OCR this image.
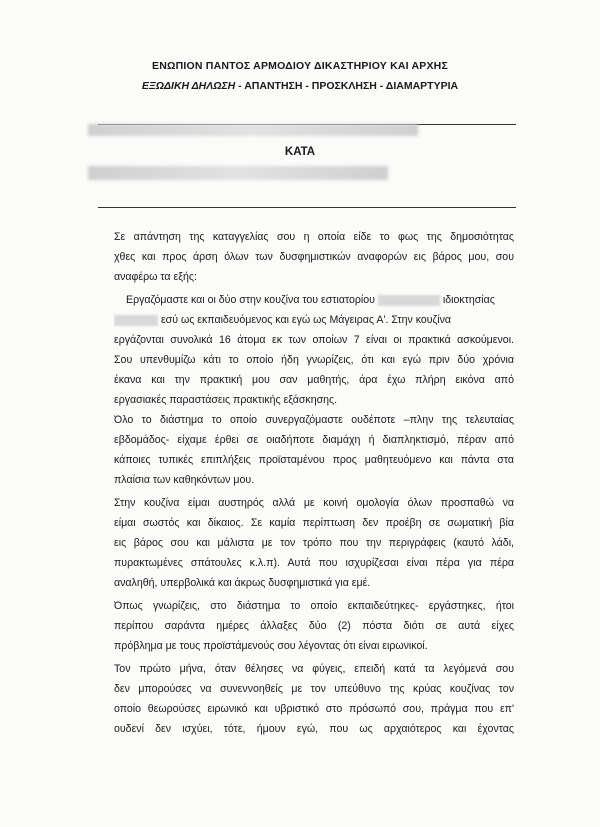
ΕΝΩΠΙΟΝ ΠΑΝΤΟΣ ΑΡΜΟΔΙΟΥ ΔΙΚΑΣΤΗΡΙΟΥ ΚΑΙ ΑΡΧΗΣ
ΕΞΩΔΙΚΗ ΔΗΛΩΣΗ - ΑΠΑΝΤΗΣΗ - ΠΡΟΣΚΛΗΣΗ - ΔΙΑΜΑΡΤΥΡΙΑ
ΚΑΤΑ
Σε απάντηση της καταγγελίας σου η οποία είδε το φως της δημοσιότητας
χθες και προς άρση όλων των δυσφημιστικών αναφορών εις βάρος μου, σου
αναφέρω τα εξής:
Εργαζόμαστε και οι δύο στην κουζίνα του εστιατορίου	ιδιοκτησίας
εσύ ως εκπαιδευόμενος και εγώ ως Μάγειρας Α'. Στην κουζίνα
εργάζονται συνολικά 16 άτομα εκ των οποίων 7 είναι οι πρακτικά ασκούμενοι.
Σου υπενθυμίζω κάτι το οποίο ήδη γνωρίζεις, ότι και εγώ πριν δύο χρόνια
έκανα και την πρακτική μου σαν μαθητής, άρα έχω πλήρη εικόνα από
εργασιακές παραστάσεις πρακτικής εξάσκησης.
Όλο το διάστημα το οποίο συνεργαζόμαστε ουδέποτε –πλην της τελευταίας
εβδομάδος- είχαμε έρθει σε οιαδήποτε διαμάχη ή διαπληκτισμό, πέραν από
κάποιες τυπικές επιπλήξεις προϊσταμένου προς μαθητευόμενο και πάντα στα
πλαίσια των καθηκόντων μου.
Στην κουζίνα είμαι αυστηρός αλλά με κοινή ομολογία όλων προσπαθώ να
είμαι σωστός και δίκαιος. Σε καμία περίπτωση δεν προέβη σε σωματική βία
εις βάρος σου και μάλιστα με τον τρόπο που την περιγράφεις (καυτό λάδι,
πυρακτωμένες σπάτουλες κ.λ.π). Αυτά που ισχυρίζεσαι είναι πέρα για πέρα
αναληθή, υπερβολικά και άκρως δυσφημιστικά για εμέ.
Όπως γνωρίζεις, στο διάστημα το οποίο εκπαιδεύτηκες- εργάστηκες, ήτοι
περίπου σαράντα ημέρες άλλαξες δύο (2) πόστα διότι σε αυτά είχες
πρόβλημα με τους προϊστάμενούς σου λέγοντας ότι είναι ειρωνικοί.
Τον πρώτο μήνα, όταν θέλησες να φύγεις, επειδή κατά τα λεγόμενά σου
δεν μπορούσες να συνεννοηθείς με τον υπεύθυνο της κρύας κουζίνας τον
οποίο θεωρούσες ειρωνικό και υβριστικό στο πρόσωπό σου, πράγμα που επ'
ουδενί δεν ισχύει, τότε, ήμουν εγώ, που ως αρχαιότερος και έχοντας
